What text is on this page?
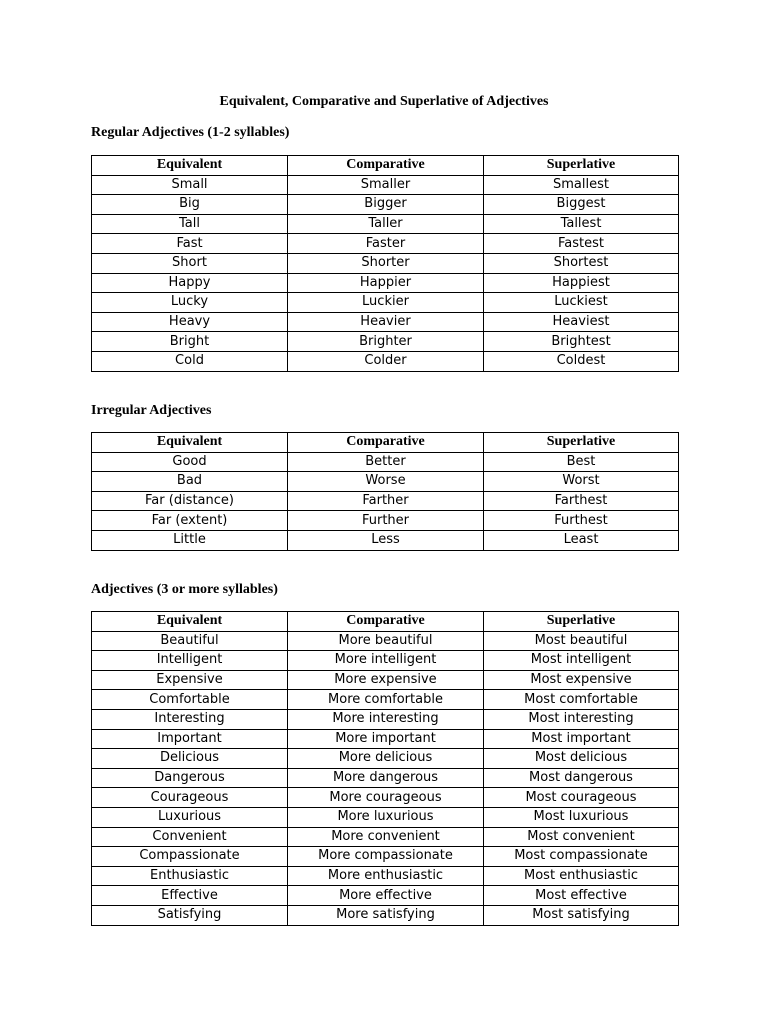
Equivalent, Comparative and Superlative of Adjectives
Regular Adjectives (1-2 syllables)
Equivalent	Comparative	Superlative
Small	Smaller	Smallest
Big	Bigger	Biggest
Tall	Taller	Tallest
Fast	Faster	Fastest
Short	Shorter	Shortest
Happy	Happier	Happiest
Lucky	Luckier	Luckiest
Heavy	Heavier	Heaviest
Bright	Brighter	Brightest
Cold	Colder	Coldest
Irregular Adjectives
Equivalent	Comparative	Superlative
Good	Better	Best
Bad	Worse	Worst
Far (distance)	Farther	Farthest
Far (extent)	Further	Furthest
Little	Less	Least
Adjectives (3 or more syllables)
Equivalent	Comparative	Superlative
Beautiful	More beautiful	Most beautiful
Intelligent	More intelligent	Most intelligent
Expensive	More expensive	Most expensive
Comfortable	More comfortable	Most comfortable
Interesting	More interesting	Most interesting
Important	More important	Most important
Delicious	More delicious	Most delicious
Dangerous	More dangerous	Most dangerous
Courageous	More courageous	Most courageous
Luxurious	More luxurious	Most luxurious
Convenient	More convenient	Most convenient
Compassionate	More compassionate	Most compassionate
Enthusiastic	More enthusiastic	Most enthusiastic
Effective	More effective	Most effective
Satisfying	More satisfying	Most satisfying
